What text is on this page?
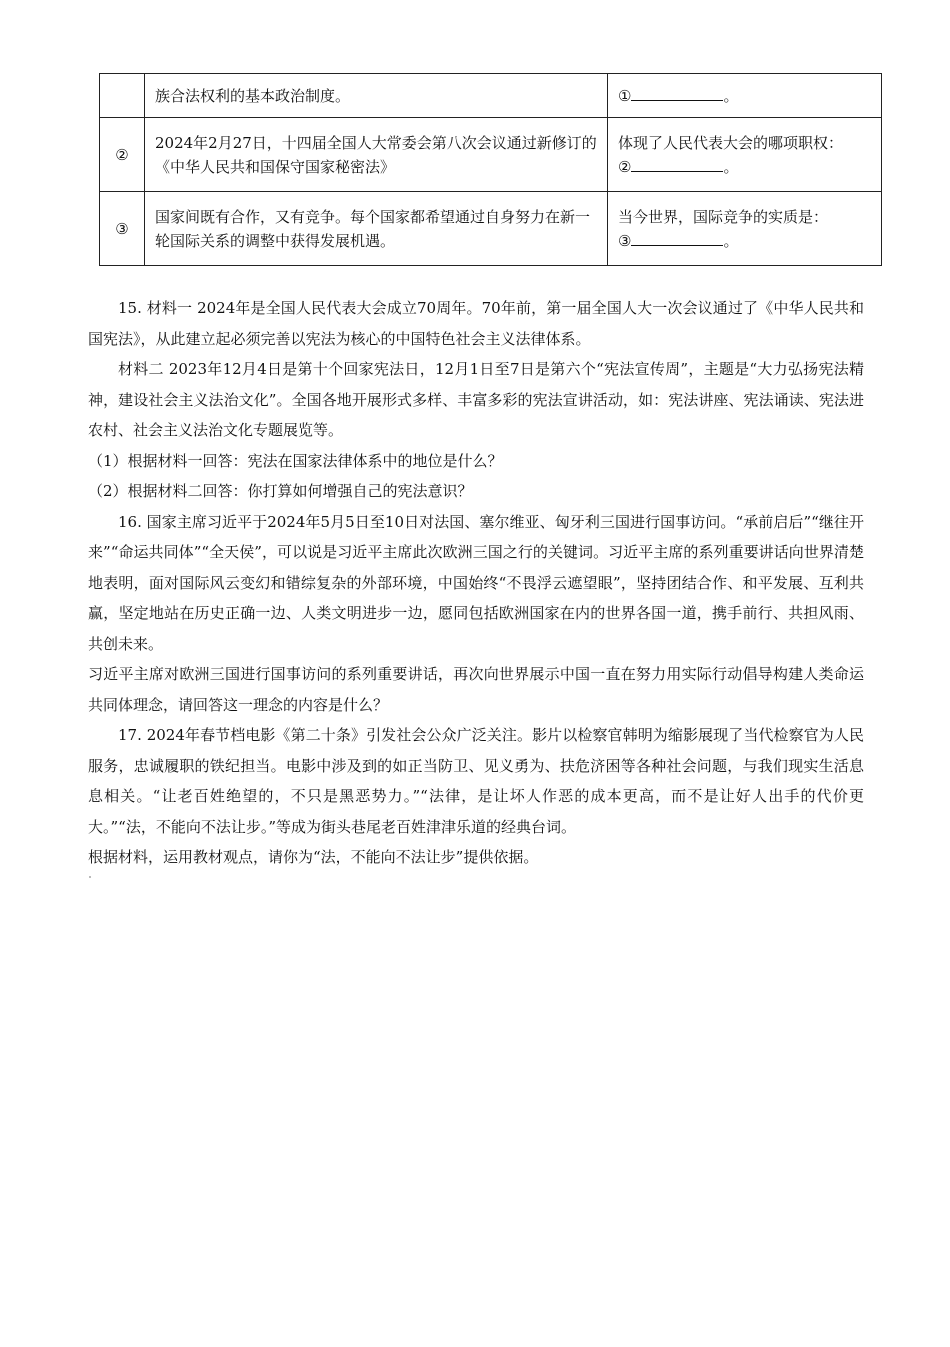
	族合法权利的基本政治制度。	① 。
②	2024年2月27日，十四届全国人大常委会第八次会议通过新修订的《中华人民共和国保守国家秘密法》	体现了人民代表大会的哪项职权：
② 。
③	国家间既有合作，又有竞争。每个国家都希望通过自身努力在新一轮国际关系的调整中获得发展机遇。	当今世界，国际竞争的实质是：
③ 。

15. 材料一 2024年是全国人民代表大会成立70周年。70年前，第一届全国人大一次会议通过了《中华人民共和国宪法》，从此建立起必须完善以宪法为核心的中国特色社会主义法律体系。

材料二 2023年12月4日是第十个回家宪法日，12月1日至7日是第六个“宪法宣传周”，主题是“大力弘扬宪法精神，建设社会主义法治文化”。全国各地开展形式多样、丰富多彩的宪法宣讲活动，如：宪法讲座、宪法诵读、宪法进农村、社会主义法治文化专题展览等。

（1）根据材料一回答：宪法在国家法律体系中的地位是什么？

（2）根据材料二回答：你打算如何增强自己的宪法意识？

16. 国家主席习近平于2024年5月5日至10日对法国、塞尔维亚、匈牙利三国进行国事访问。“承前启后”“继往开来”“命运共同体”“全天侯”，可以说是习近平主席此次欧洲三国之行的关键词。习近平主席的系列重要讲话向世界清楚地表明，面对国际风云变幻和错综复杂的外部环境，中国始终“不畏浮云遮望眼”，坚持团结合作、和平发展、互利共赢，坚定地站在历史正确一边、人类文明进步一边，愿同包括欧洲国家在内的世界各国一道，携手前行、共担风雨、共创未来。

习近平主席对欧洲三国进行国事访问的系列重要讲话，再次向世界展示中国一直在努力用实际行动倡导构建人类命运共同体理念，请回答这一理念的内容是什么？

17. 2024年春节档电影《第二十条》引发社会公众广泛关注。影片以检察官韩明为缩影展现了当代检察官为人民服务，忠诚履职的铁纪担当。电影中涉及到的如正当防卫、见义勇为、扶危济困等各种社会问题，与我们现实生活息息相关。“让老百姓绝望的，不只是黑恶势力。”“法律，是让坏人作恶的成本更高，而不是让好人出手的代价更大。”“法，不能向不法让步。”等成为街头巷尾老百姓津津乐道的经典台词。

根据材料，运用教材观点，请你为“法，不能向不法让步”提供依据。
